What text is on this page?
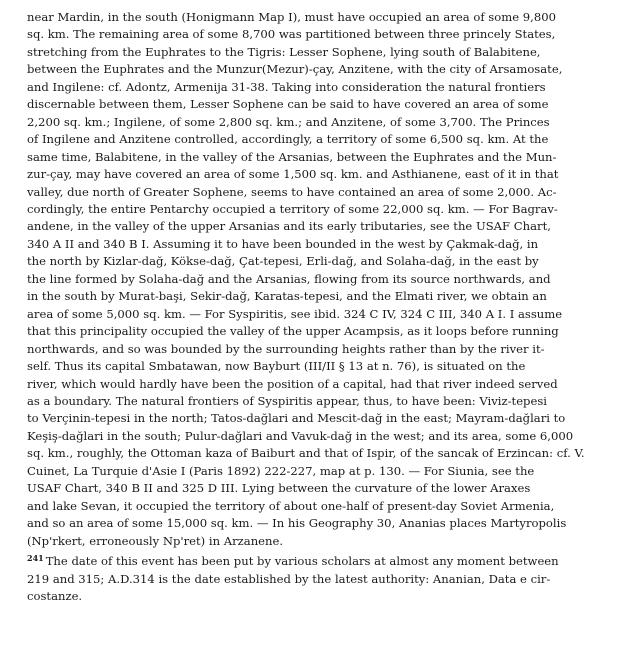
near Mardin, in the south (Honigmann Map I), must have occupied an area of some 9,800
sq. km. The remaining area of some 8,700 was partitioned between three princely States,
stretching from the Euphrates to the Tigris: Lesser Sophene, lying south of Balabitene,
between the Euphrates and the Munzur(Mezur)-çay, Anzitene, with the city of Arsamosate,
and Ingilene: cf. Adontz, Armenija 31-38. Taking into consideration the natural frontiers
discernable between them, Lesser Sophene can be said to have covered an area of some
2,200 sq. km.; Ingilene, of some 2,800 sq. km.; and Anzitene, of some 3,700. The Princes
of Ingilene and Anzitene controlled, accordingly, a territory of some 6,500 sq. km. At the
same time, Balabitene, in the valley of the Arsanias, between the Euphrates and the Mun-
zur-çay, may have covered an area of some 1,500 sq. km. and Asthianene, east of it in that
valley, due north of Greater Sophene, seems to have contained an area of some 2,000. Ac-
cordingly, the entire Pentarchy occupied a territory of some 22,000 sq. km. — For Bagrav-
andene, in the valley of the upper Arsanias and its early tributaries, see the USAF Chart,
340 A II and 340 B I. Assuming it to have been bounded in the west by Çakmak-dağ, in
the north by Kizlar-dağ, Kökse-dağ, Çat-tepesi, Erli-dağ, and Solaha-dağ, in the east by
the line formed by Solaha-dağ and the Arsanias, flowing from its source northwards, and
in the south by Murat-başi, Sekir-dağ, Karatas-tepesi, and the Elmati river, we obtain an
area of some 5,000 sq. km. — For Syspiritis, see ibid. 324 C IV, 324 C III, 340 A I. I assume
that this principality occupied the valley of the upper Acampsis, as it loops before running
northwards, and so was bounded by the surrounding heights rather than by the river it-
self. Thus its capital Smbatawan, now Bayburt (III/II § 13 at n. 76), is situated on the
river, which would hardly have been the position of a capital, had that river indeed served
as a boundary. The natural frontiers of Syspiritis appear, thus, to have been: Viviz-tepesi
to Verçinin-tepesi in the north; Tatos-dağlari and Mescit-dağ in the east; Mayram-dağlari to
Keşiş-dağlari in the south; Pulur-dağlari and Vavuk-dağ in the west; and its area, some 6,000
sq. km., roughly, the Ottoman kaza of Baiburt and that of Ispir, of the sancak of Erzincan: cf. V.
Cuinet, La Turquie d'Asie I (Paris 1892) 222-227, map at p. 130. — For Siunia, see the
USAF Chart, 340 B II and 325 D III. Lying between the curvature of the lower Araxes
and lake Sevan, it occupied the territory of about one-half of present-day Soviet Armenia,
and so an area of some 15,000 sq. km. — In his Geography 30, Ananias places Martyropolis
(Np'rkert, erroneously Np'ret) in Arzanene.

$^{241}$ The date of this event has been put by various scholars at almost any moment between
219 and 315; A.D.314 is the date established by the latest authority: Ananian, Data e cir-
costanze.
